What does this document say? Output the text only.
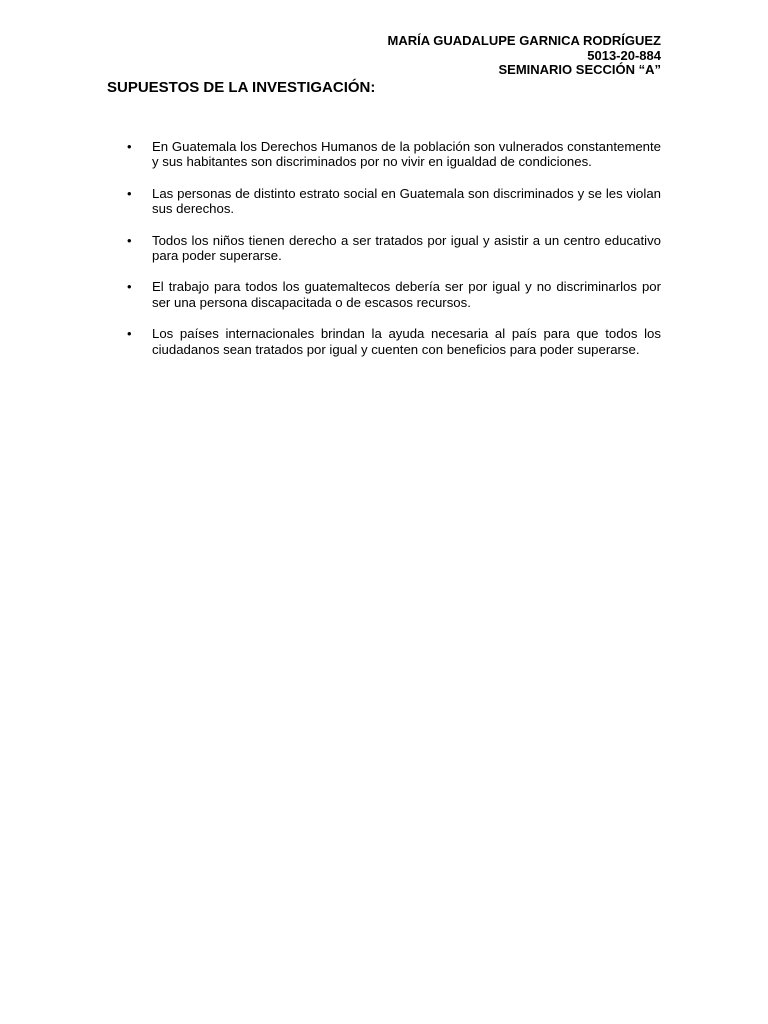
MARÍA GUADALUPE GARNICA RODRÍGUEZ
5013-20-884
SEMINARIO SECCIÓN “A”
SUPUESTOS DE LA INVESTIGACIÓN:
•	En Guatemala los Derechos Humanos de la población son vulnerados constantemente y sus habitantes son discriminados por no vivir en igualdad de condiciones.
•	Las personas de distinto estrato social en Guatemala son discriminados y se les violan sus derechos.
•	Todos los niños tienen derecho a ser tratados por igual y asistir a un centro educativo para poder superarse.
•	El trabajo para todos los guatemaltecos debería ser por igual y no discriminarlos por ser una persona discapacitada o de escasos recursos.
•	Los países internacionales brindan la ayuda necesaria al país para que todos los ciudadanos sean tratados por igual y cuenten con beneficios para poder superarse.
